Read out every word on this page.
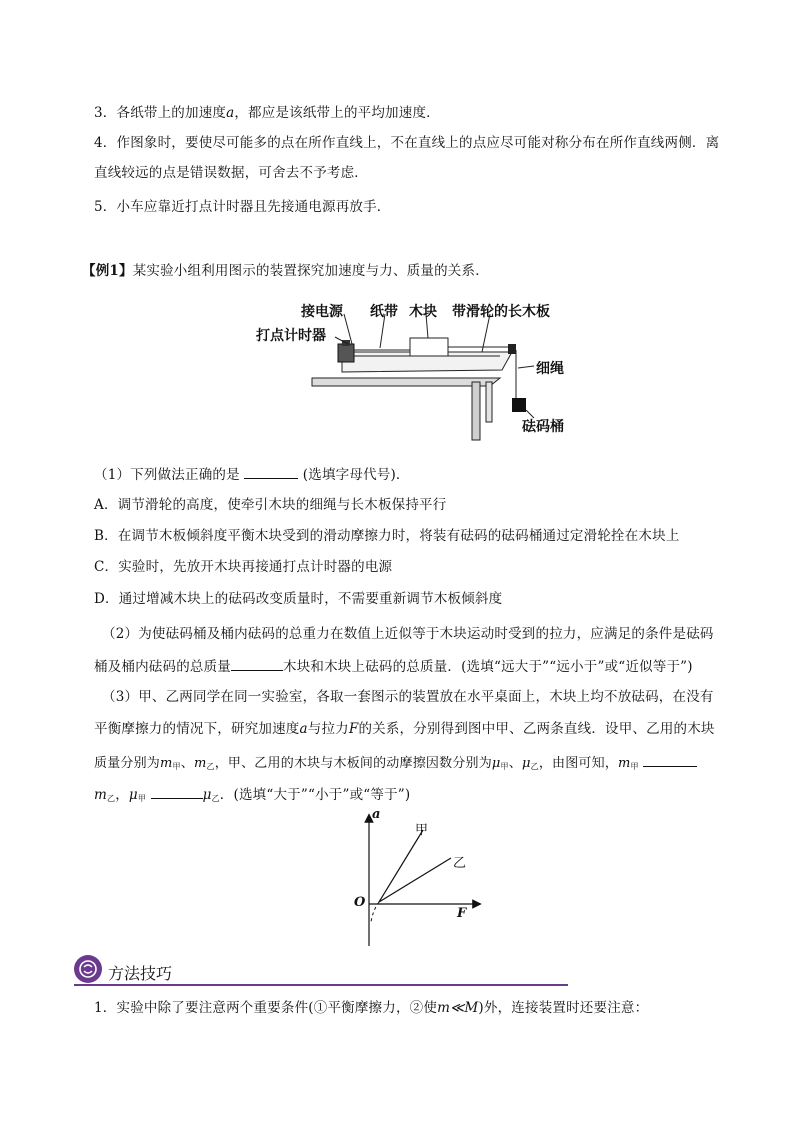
3．各纸带上的加速度a，都应是该纸带上的平均加速度．
4．作图象时，要使尽可能多的点在所作直线上，不在直线上的点应尽可能对称分布在所作直线两侧．离
直线较远的点是错误数据，可舍去不予考虑．
5．小车应靠近打点计时器且先接通电源再放手．
【例1】某实验小组利用图示的装置探究加速度与力、质量的关系．
接电源 纸带 木块 带滑轮的长木板
打点计时器
细绳
砝码桶
（1）下列做法正确的是	(选填字母代号)．
A．调节滑轮的高度，使牵引木块的细绳与长木板保持平行
B．在调节木板倾斜度平衡木块受到的滑动摩擦力时，将装有砝码的砝码桶通过定滑轮拴在木块上
C．实验时，先放开木块再接通打点计时器的电源
D．通过增减木块上的砝码改变质量时，不需要重新调节木板倾斜度
（2）为使砝码桶及桶内砝码的总重力在数值上近似等于木块运动时受到的拉力，应满足的条件是砝码
桶及桶内砝码的总质量	木块和木块上砝码的总质量．(选填“远大于”“远小于”或“近似等于”)
（3）甲、乙两同学在同一实验室，各取一套图示的装置放在水平桌面上，木块上均不放砝码，在没有
平衡摩擦力的情况下，研究加速度a与拉力F的关系，分别得到图中甲、乙两条直线．设甲、乙用的木块
质量分别为m甲、m乙，甲、乙用的木块与木板间的动摩擦因数分别为μ甲、μ乙，由图可知，m甲
m乙，μ甲	μ乙．(选填“大于”“小于”或“等于”)
a
F
O
甲
乙
方法技巧
1．实验中除了要注意两个重要条件(①平衡摩擦力，②使m≪M)外，连接装置时还要注意：
